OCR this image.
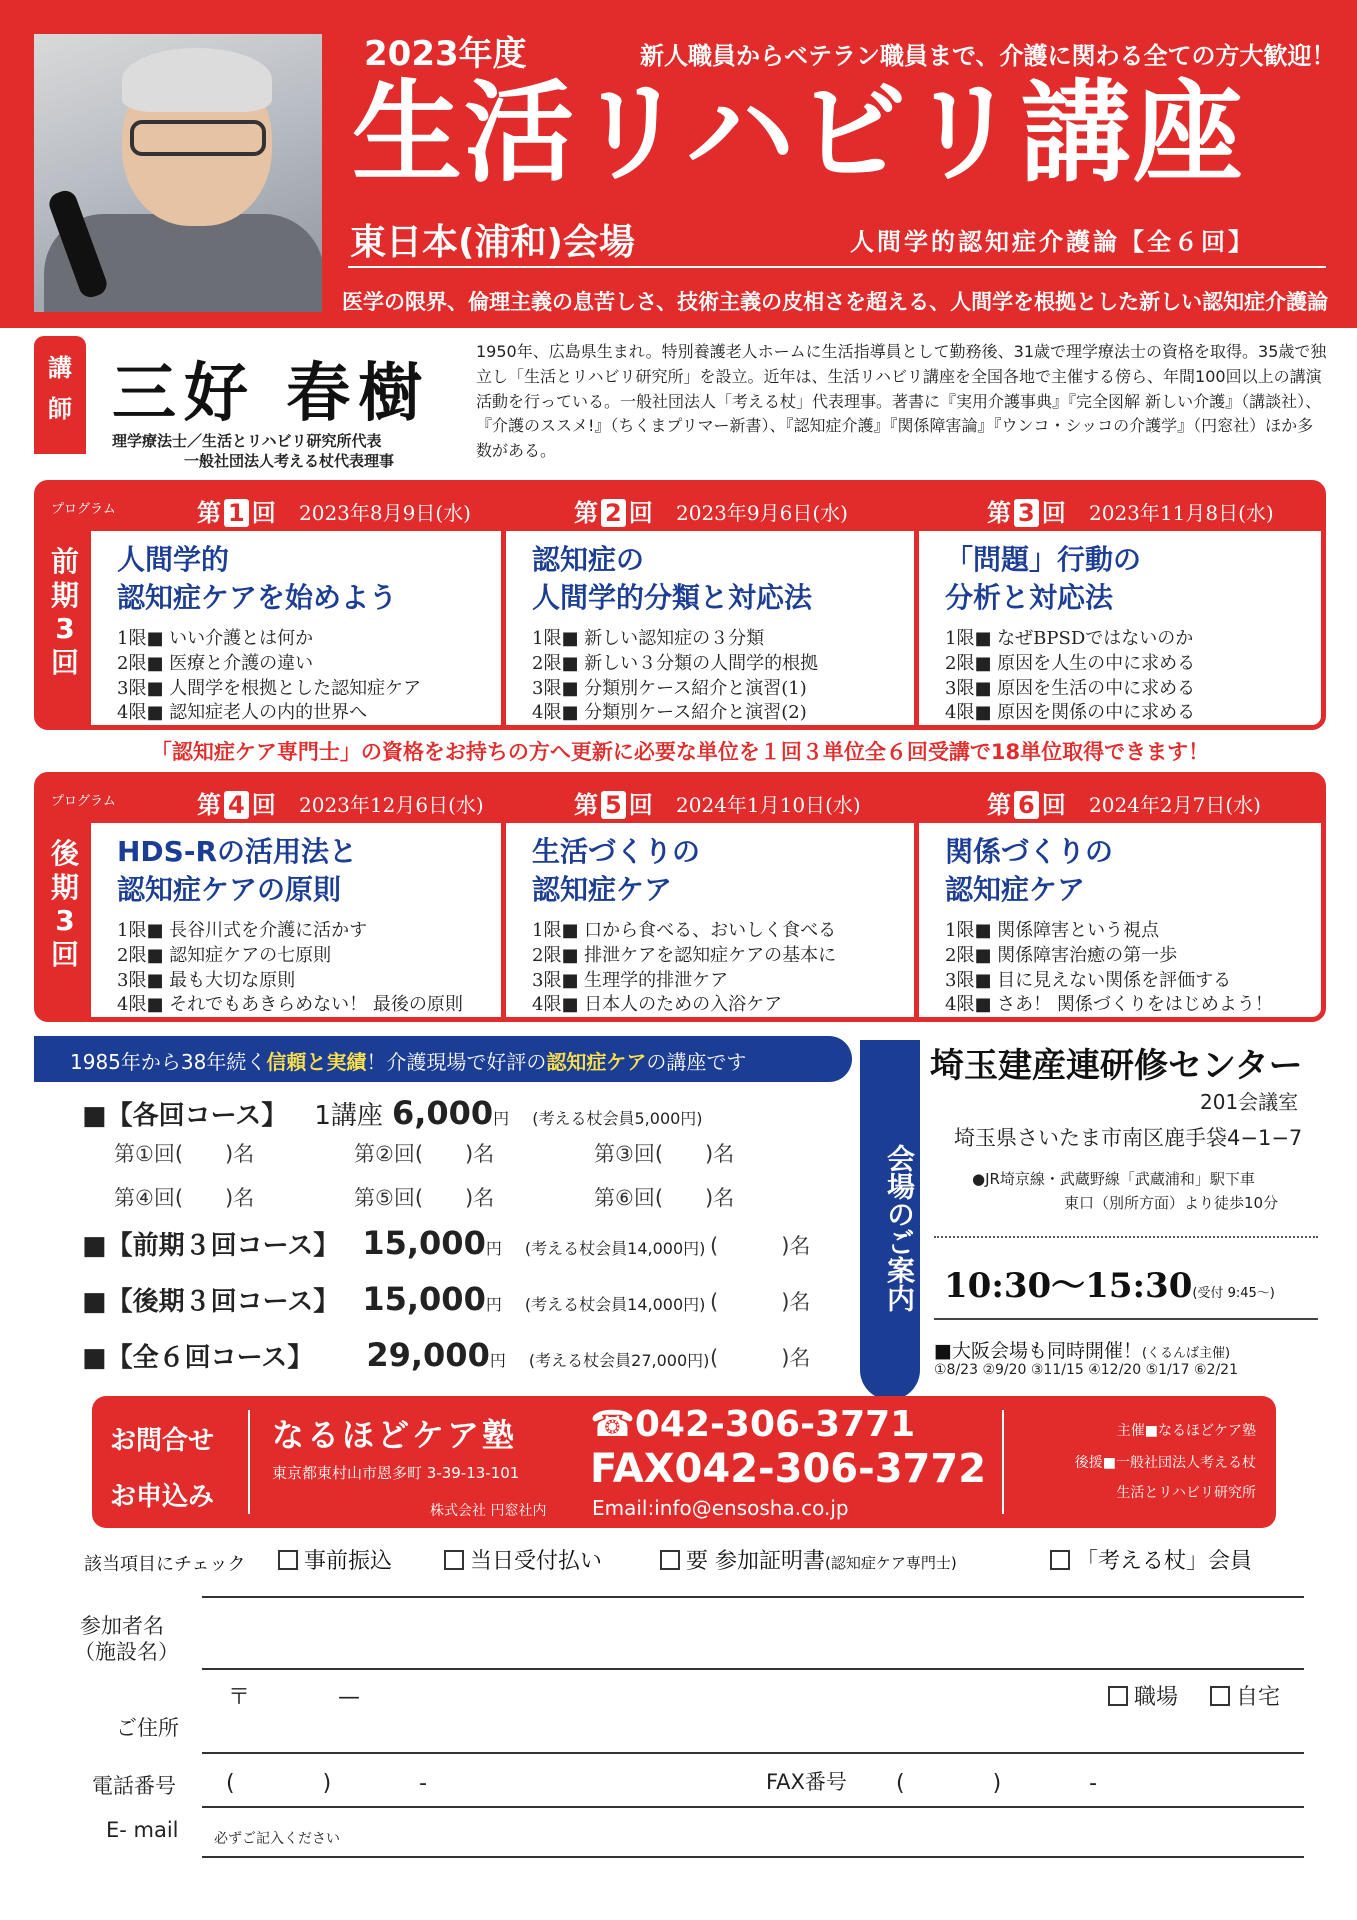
2023年度	新人職員からベテラン職員まで、介護に関わる全ての方大歓迎！
生活リハビリ講座
東日本(浦和)会場	人間学的認知症介護論【全６回】
医学の限界、倫理主義の息苦しさ、技術主義の皮相さを超える、人間学を根拠とした新しい認知症介護論
講
師 三好 春樹
理学療法士／生活とリハビリ研究所代表
一般社団法人考える杖代表理事
1950年、広島県生まれ。特別養護老人ホームに生活指導員として勤務後、31歳で理学療法士の資格を取得。35歳で独立し「生活とリハビリ研究所」を設立。近年は、生活リハビリ講座を全国各地で主催する傍ら、年間100回以上の講演活動を行っている。一般社団法人「考える杖」代表理事。著書に『実用介護事典』『完全図解 新しい介護』（講談社）、『介護のススメ!』（ちくまプリマー新書）、『認知症介護』『関係障害論』『ウンコ・シッコの介護学』（円窓社）ほか多数がある。
プログラム
前
期
3
回
第 1 回 2023年8月9日(水)
人間学的
認知症ケアを始めよう
1限■ いい介護とは何か
2限■ 医療と介護の違い
3限■ 人間学を根拠とした認知症ケア
4限■ 認知症老人の内的世界へ
第 2 回 2023年9月6日(水)
認知症の
人間学的分類と対応法
1限■ 新しい認知症の３分類
2限■ 新しい３分類の人間学的根拠
3限■ 分類別ケース紹介と演習(1)
4限■ 分類別ケース紹介と演習(2)
第 3 回 2023年11月8日(水)
「問題」行動の
分析と対応法
1限■ なぜBPSDではないのか
2限■ 原因を人生の中に求める
3限■ 原因を生活の中に求める
4限■ 原因を関係の中に求める
「認知症ケア専門士」の資格をお持ちの方へ更新に必要な単位を１回３単位全６回受講で18単位取得できます！
プログラム
後
期
3
回
第 4 回 2023年12月6日(水)
HDS-Rの活用法と
認知症ケアの原則
1限■ 長谷川式を介護に活かす
2限■ 認知症ケアの七原則
3限■ 最も大切な原則
4限■ それでもあきらめない！ 最後の原則
第 5 回 2024年1月10日(水)
生活づくりの
認知症ケア
1限■ 口から食べる、おいしく食べる
2限■ 排泄ケアを認知症ケアの基本に
3限■ 生理学的排泄ケア
4限■ 日本人のための入浴ケア
第 6 回 2024年2月7日(水)
関係づくりの
認知症ケア
1限■ 関係障害という視点
2限■ 関係障害治癒の第一歩
3限■ 目に見えない関係を評価する
4限■ さあ！ 関係づくりをはじめよう！
1985年から38年続く信頼と実績！介護現場で好評の認知症ケアの講座です
■【各回コース】 1講座 6,000円 (考える杖会員5,000円)
第①回(　　)名	第②回(　　)名	第③回(　　)名
第④回(　　)名	第⑤回(　　)名	第⑥回(　　)名
■【前期３回コース】 15,000円 (考える杖会員14,000円) (　　　)名
■【後期３回コース】 15,000円 (考える杖会員14,000円) (　　　)名
■【全６回コース】 29,000円 (考える杖会員27,000円) (　　　)名
会場のご案内
埼玉建産連研修センター
201会議室
埼玉県さいたま市南区鹿手袋4−1−7
●JR埼京線・武蔵野線「武蔵浦和」駅下車
東口（別所方面）より徒歩10分
10:30〜15:30(受付 9:45〜)
■大阪会場も同時開催！(くるんば主催)
①8/23 ②9/20 ③11/15 ④12/20 ⑤1/17 ⑥2/21
お問合せ
お申込み
なるほどケア塾
東京都東村山市恩多町 3-39-13-101
株式会社 円窓社内
☎042-306-3771
FAX042-306-3772
Email:info@ensosha.co.jp
主催■なるほどケア塾
後援■一般社団法人考える杖
生活とリハビリ研究所
該当項目にチェック	事前振込	当日受付払い	要 参加証明書(認知症ケア専門士)	「考える杖」会員
参加者名
（施設名）
〒　　　　—	職場	自宅
ご住所
電話番号 (　　　　)　　　　-	FAX番号 (　　　　)　　　　-
E- mail	必ずご記入ください
